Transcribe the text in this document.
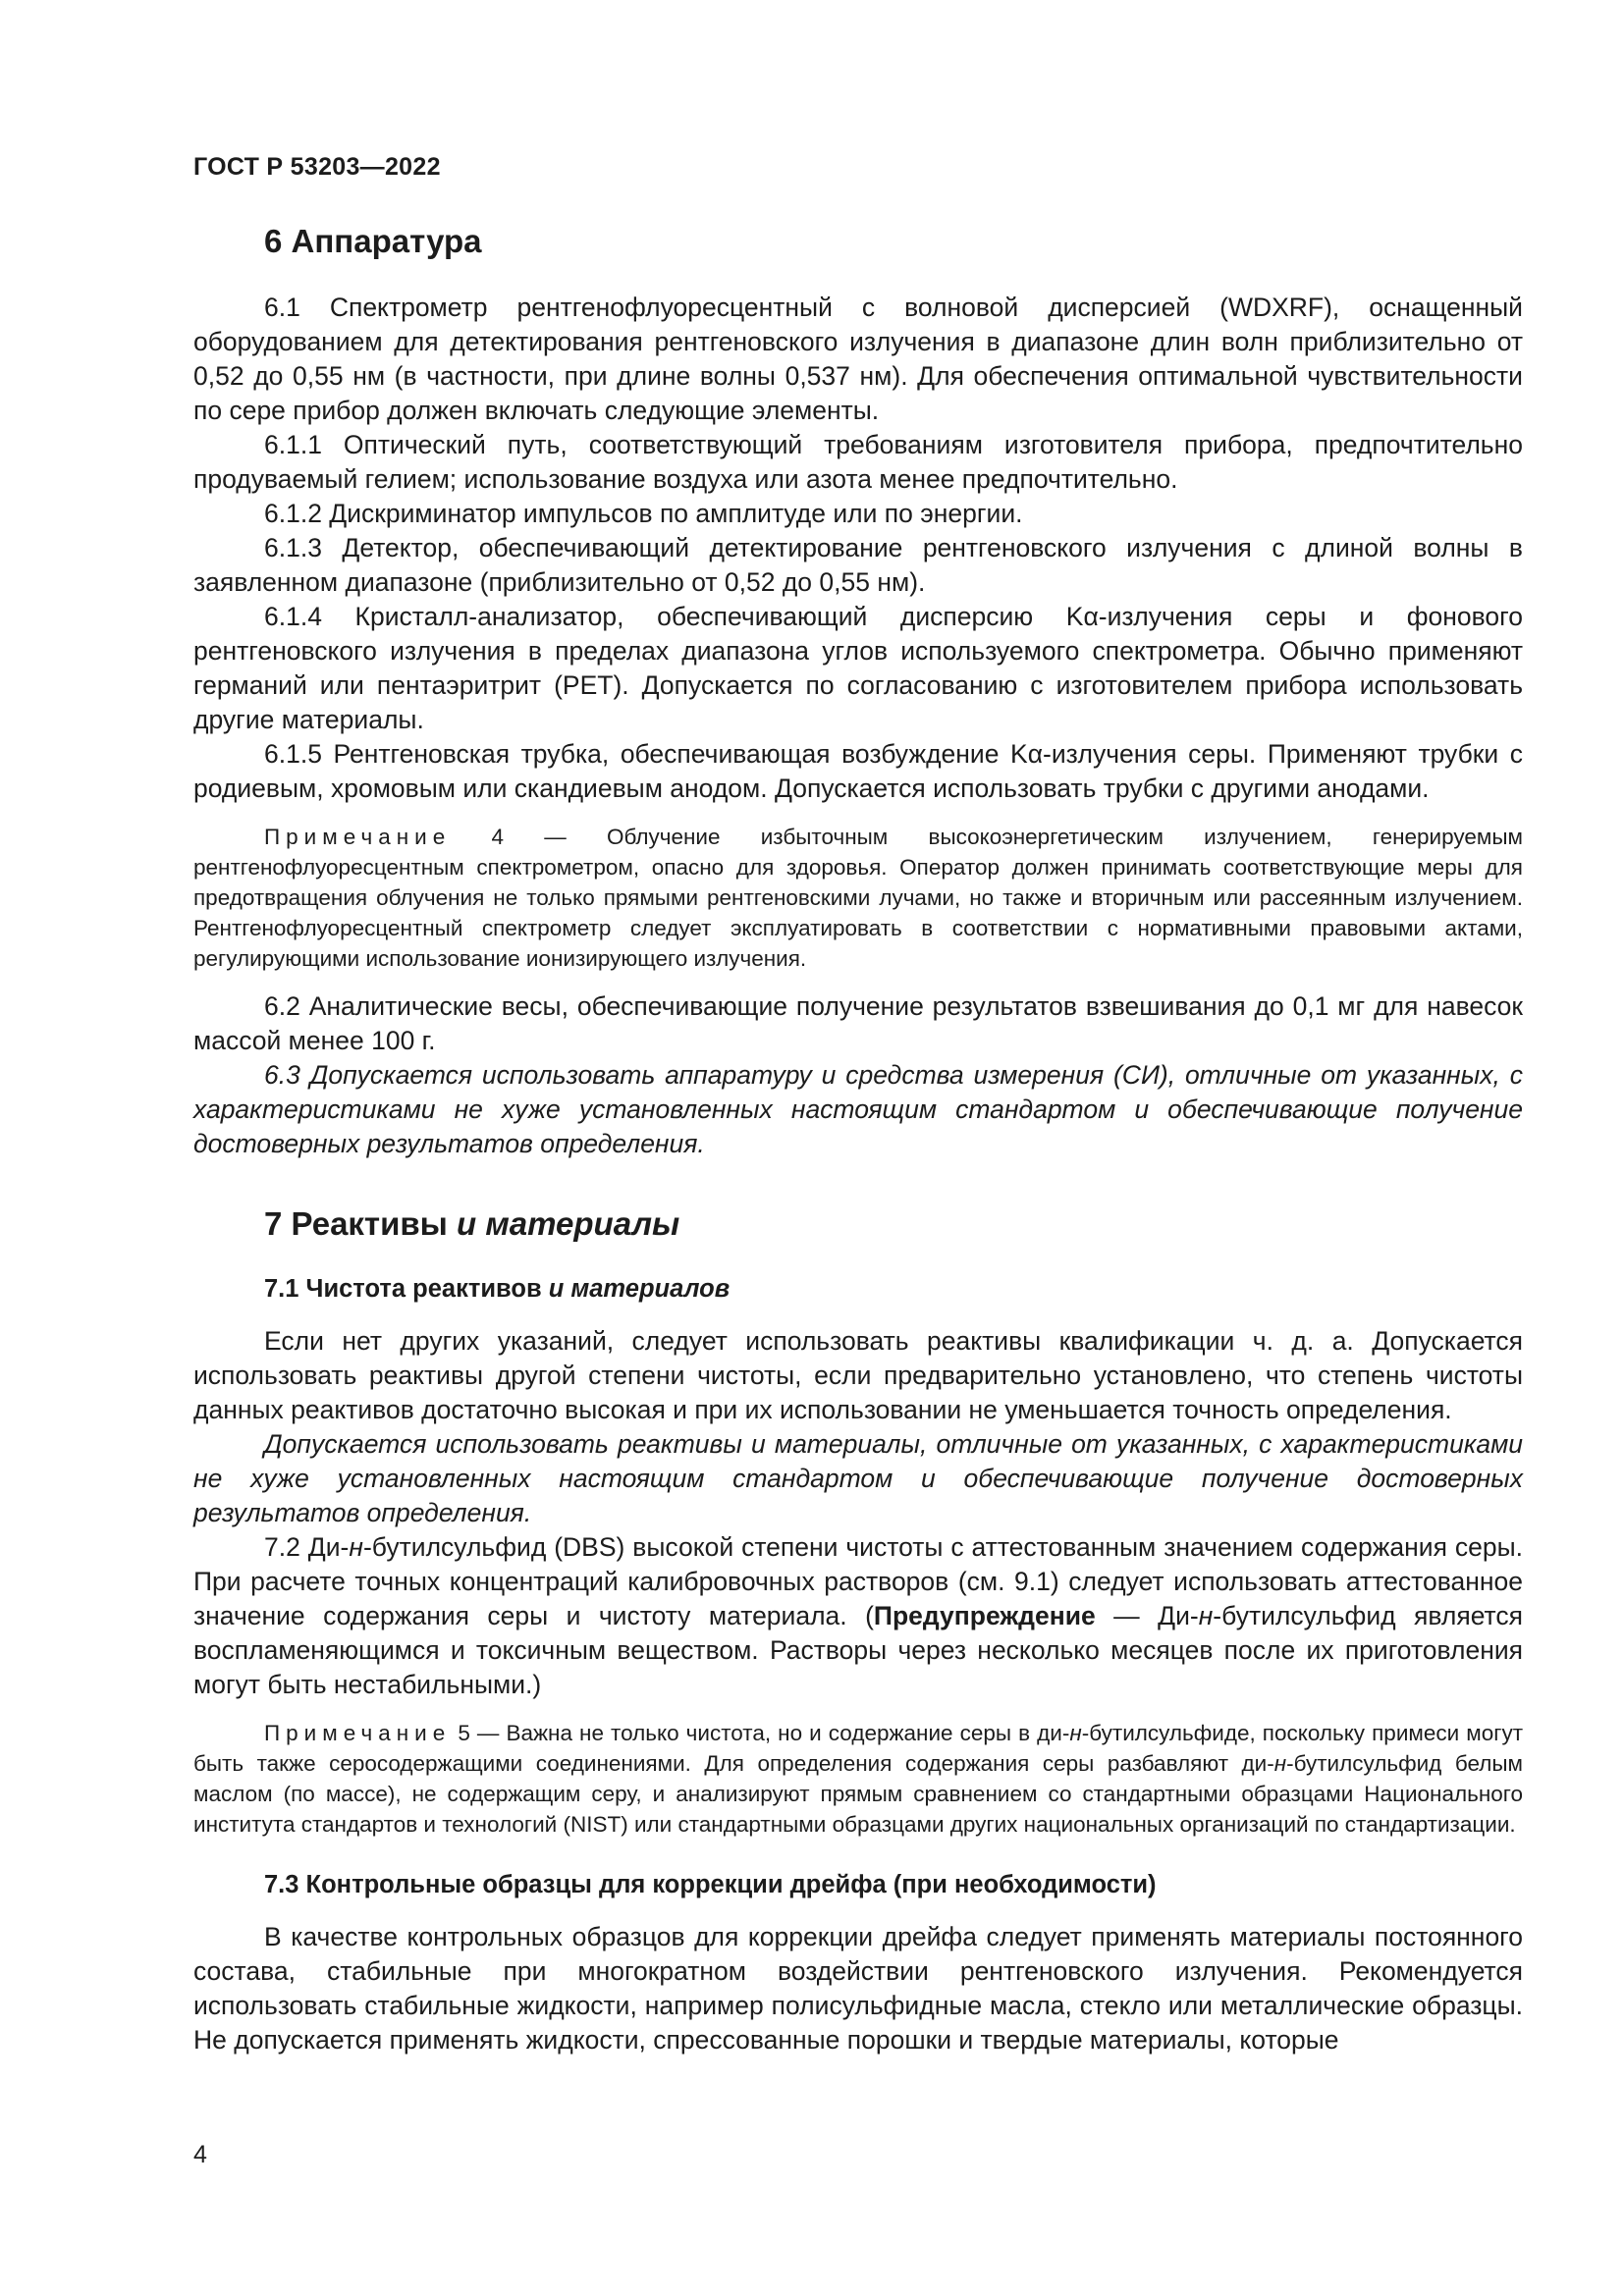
ГОСТ Р 53203—2022
6 Аппаратура

6.1 Спектрометр рентгенофлуоресцентный с волновой дисперсией (WDXRF), оснащенный оборудованием для детектирования рентгеновского излучения в диапазоне длин волн приблизительно от 0,52 до 0,55 нм (в частности, при длине волны 0,537 нм). Для обеспечения оптимальной чувствительности по сере прибор должен включать следующие элементы.

6.1.1 Оптический путь, соответствующий требованиям изготовителя прибора, предпочтительно продуваемый гелием; использование воздуха или азота менее предпочтительно.

6.1.2 Дискриминатор импульсов по амплитуде или по энергии.

6.1.3 Детектор, обеспечивающий детектирование рентгеновского излучения с длиной волны в заявленном диапазоне (приблизительно от 0,52 до 0,55 нм).

6.1.4 Кристалл-анализатор, обеспечивающий дисперсию Kα-излучения серы и фонового рентгеновского излучения в пределах диапазона углов используемого спектрометра. Обычно применяют германий или пентаэритрит (PET). Допускается по согласованию с изготовителем прибора использовать другие материалы.

6.1.5 Рентгеновская трубка, обеспечивающая возбуждение Kα-излучения серы. Применяют трубки с родиевым, хромовым или скандиевым анодом. Допускается использовать трубки с другими анодами.

Примечание 4 — Облучение избыточным высокоэнергетическим излучением, генерируемым рентгенофлуоресцентным спектрометром, опасно для здоровья. Оператор должен принимать соответствующие меры для предотвращения облучения не только прямыми рентгеновскими лучами, но также и вторичным или рассеянным излучением. Рентгенофлуоресцентный спектрометр следует эксплуатировать в соответствии с нормативными правовыми актами, регулирующими использование ионизирующего излучения.

6.2 Аналитические весы, обеспечивающие получение результатов взвешивания до 0,1 мг для навесок массой менее 100 г.

6.3 Допускается использовать аппаратуру и средства измерения (СИ), отличные от указанных, с характеристиками не хуже установленных настоящим стандартом и обеспечивающие получение достоверных результатов определения.

7 Реактивы и материалы
7.1 Чистота реактивов и материалов

Если нет других указаний, следует использовать реактивы квалификации ч. д. а. Допускается использовать реактивы другой степени чистоты, если предварительно установлено, что степень чистоты данных реактивов достаточно высокая и при их использовании не уменьшается точность определения.

Допускается использовать реактивы и материалы, отличные от указанных, с характеристиками не хуже установленных настоящим стандартом и обеспечивающие получение достоверных результатов определения.

7.2 Ди-н-бутилсульфид (DBS) высокой степени чистоты с аттестованным значением содержания серы. При расчете точных концентраций калибровочных растворов (см. 9.1) следует использовать аттестованное значение содержания серы и чистоту материала. (Предупреждение — Ди-н-бутилсульфид является воспламеняющимся и токсичным веществом. Растворы через несколько месяцев после их приготовления могут быть нестабильными.)

Примечание 5 — Важна не только чистота, но и содержание серы в ди-н-бутилсульфиде, поскольку примеси могут быть также серосодержащими соединениями. Для определения содержания серы разбавляют ди-н-бутилсульфид белым маслом (по массе), не содержащим серу, и анализируют прямым сравнением со стандартными образцами Национального института стандартов и технологий (NIST) или стандартными образцами других национальных организаций по стандартизации.

7.3 Контрольные образцы для коррекции дрейфа (при необходимости)

В качестве контрольных образцов для коррекции дрейфа следует применять материалы постоянного состава, стабильные при многократном воздействии рентгеновского излучения. Рекомендуется использовать стабильные жидкости, например полисульфидные масла, стекло или металлические образцы. Не допускается применять жидкости, спрессованные порошки и твердые материалы, которые

4
